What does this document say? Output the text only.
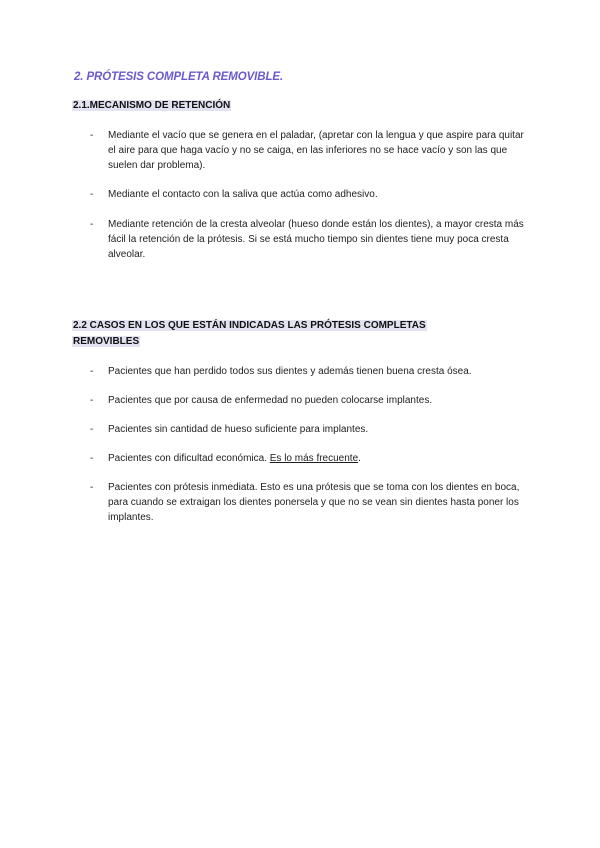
2. PRÓTESIS COMPLETA REMOVIBLE.
2.1.MECANISMO DE RETENCIÓN
- Mediante el vacío que se genera en el paladar, (apretar con la lengua y que aspire para quitar el aire para que haga vacío y no se caiga, en las inferiores no se hace vacío y son las que suelen dar problema).
- Mediante el contacto con la saliva que actúa como adhesivo.
- Mediante retención de la cresta alveolar (hueso donde están los dientes), a mayor cresta más fácil la retención de la prótesis. Si se está mucho tiempo sin dientes tiene muy poca cresta alveolar.
2.2 CASOS EN LOS QUE ESTÁN INDICADAS LAS PRÓTESIS COMPLETAS
REMOVIBLES
- Pacientes que han perdido todos sus dientes y además tienen buena cresta ósea.
- Pacientes que por causa de enfermedad no pueden colocarse implantes.
- Pacientes sin cantidad de hueso suficiente para implantes.
- Pacientes con dificultad económica. Es lo más frecuente.
- Pacientes con prótesis inmediata. Esto es una prótesis que se toma con los dientes en boca, para cuando se extraigan los dientes ponersela y que no se vean sin dientes hasta poner los implantes.
